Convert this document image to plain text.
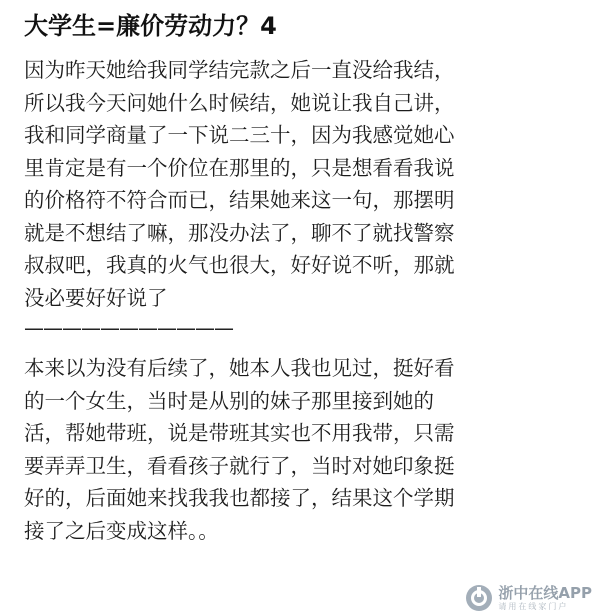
大学生=廉价劳动力？4

因为昨天她给我同学结完款之后一直没给我结，
所以我今天问她什么时候结，她说让我自己讲，
我和同学商量了一下说二三十，因为我感觉她心
里肯定是有一个价位在那里的，只是想看看我说
的价格符不符合而已，结果她来这一句，那摆明
就是不想结了嘛，那没办法了，聊不了就找警察
叔叔吧，我真的火气也很大，好好说不听，那就
没必要好好说了

———————————

本来以为没有后续了，她本人我也见过，挺好看
的一个女生，当时是从别的妹子那里接到她的
活，帮她带班，说是带班其实也不用我带，只需
要弄弄卫生，看看孩子就行了，当时对她印象挺
好的，后面她来找我我也都接了，结果这个学期
接了之后变成这样。。

浙中在线APP
请用在线家门户
